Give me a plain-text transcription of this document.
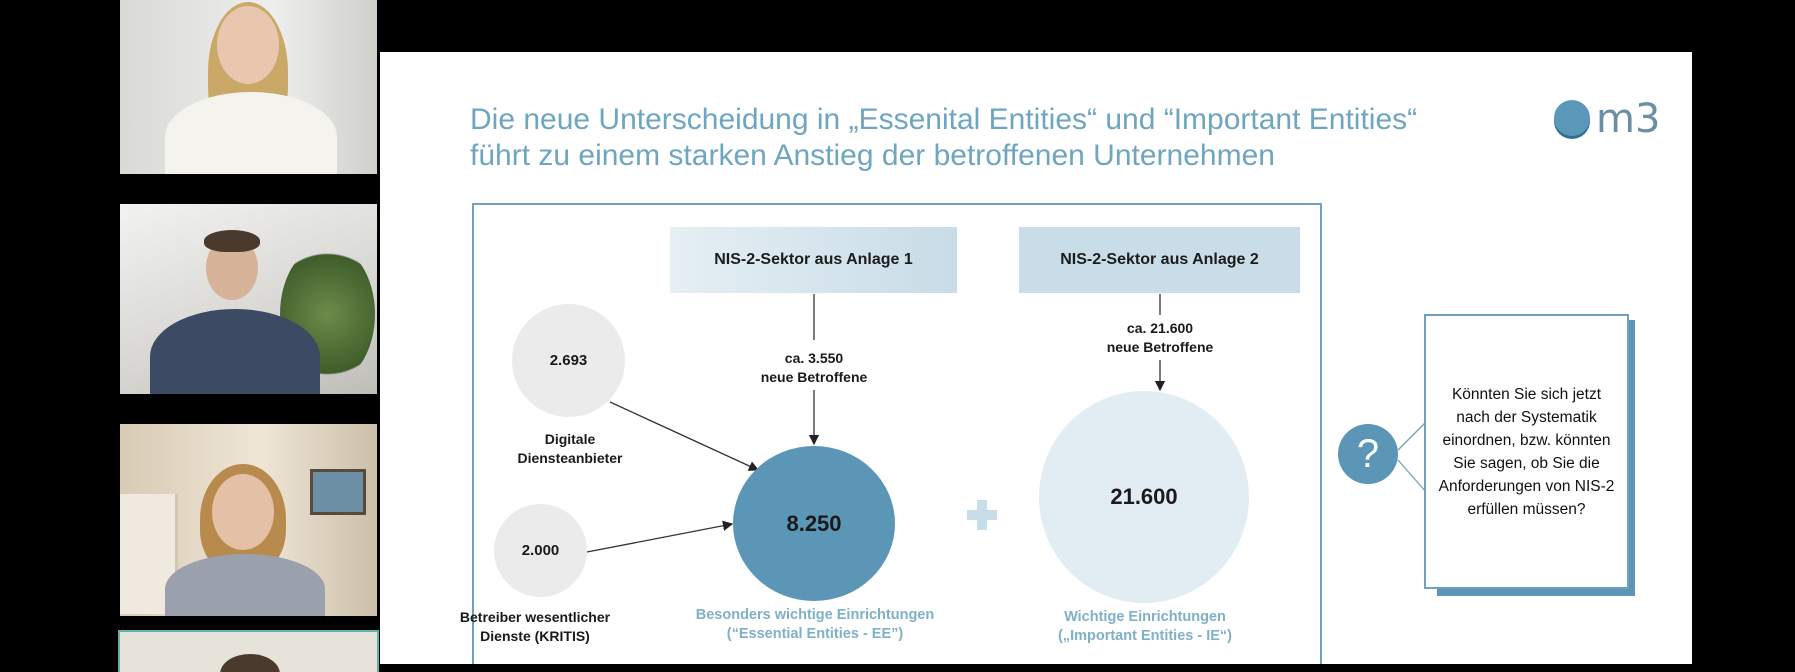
Die neue Unterscheidung in „Essenital Entities“ und “Important Entities“
führt zu einem starken Anstieg der betroffenen Unternehmen
m3
NIS-2-Sektor aus Anlage 1	NIS-2-Sektor aus Anlage 2
ca. 3.550
neue Betroffene
ca. 21.600
neue Betroffene
2.693
Digitale
Diensteanbieter
2.000
Betreiber wesentlicher
Dienste (KRITIS)
8.250
Besonders wichtige Einrichtungen
(“Essential Entities - EE”)
21.600
Wichtige Einrichtungen
(„Important Entities - IE“)
?
Könnten Sie sich jetzt nach der Systematik einordnen, bzw. könnten Sie sagen, ob Sie die Anforderungen von NIS-2 erfüllen müssen?
